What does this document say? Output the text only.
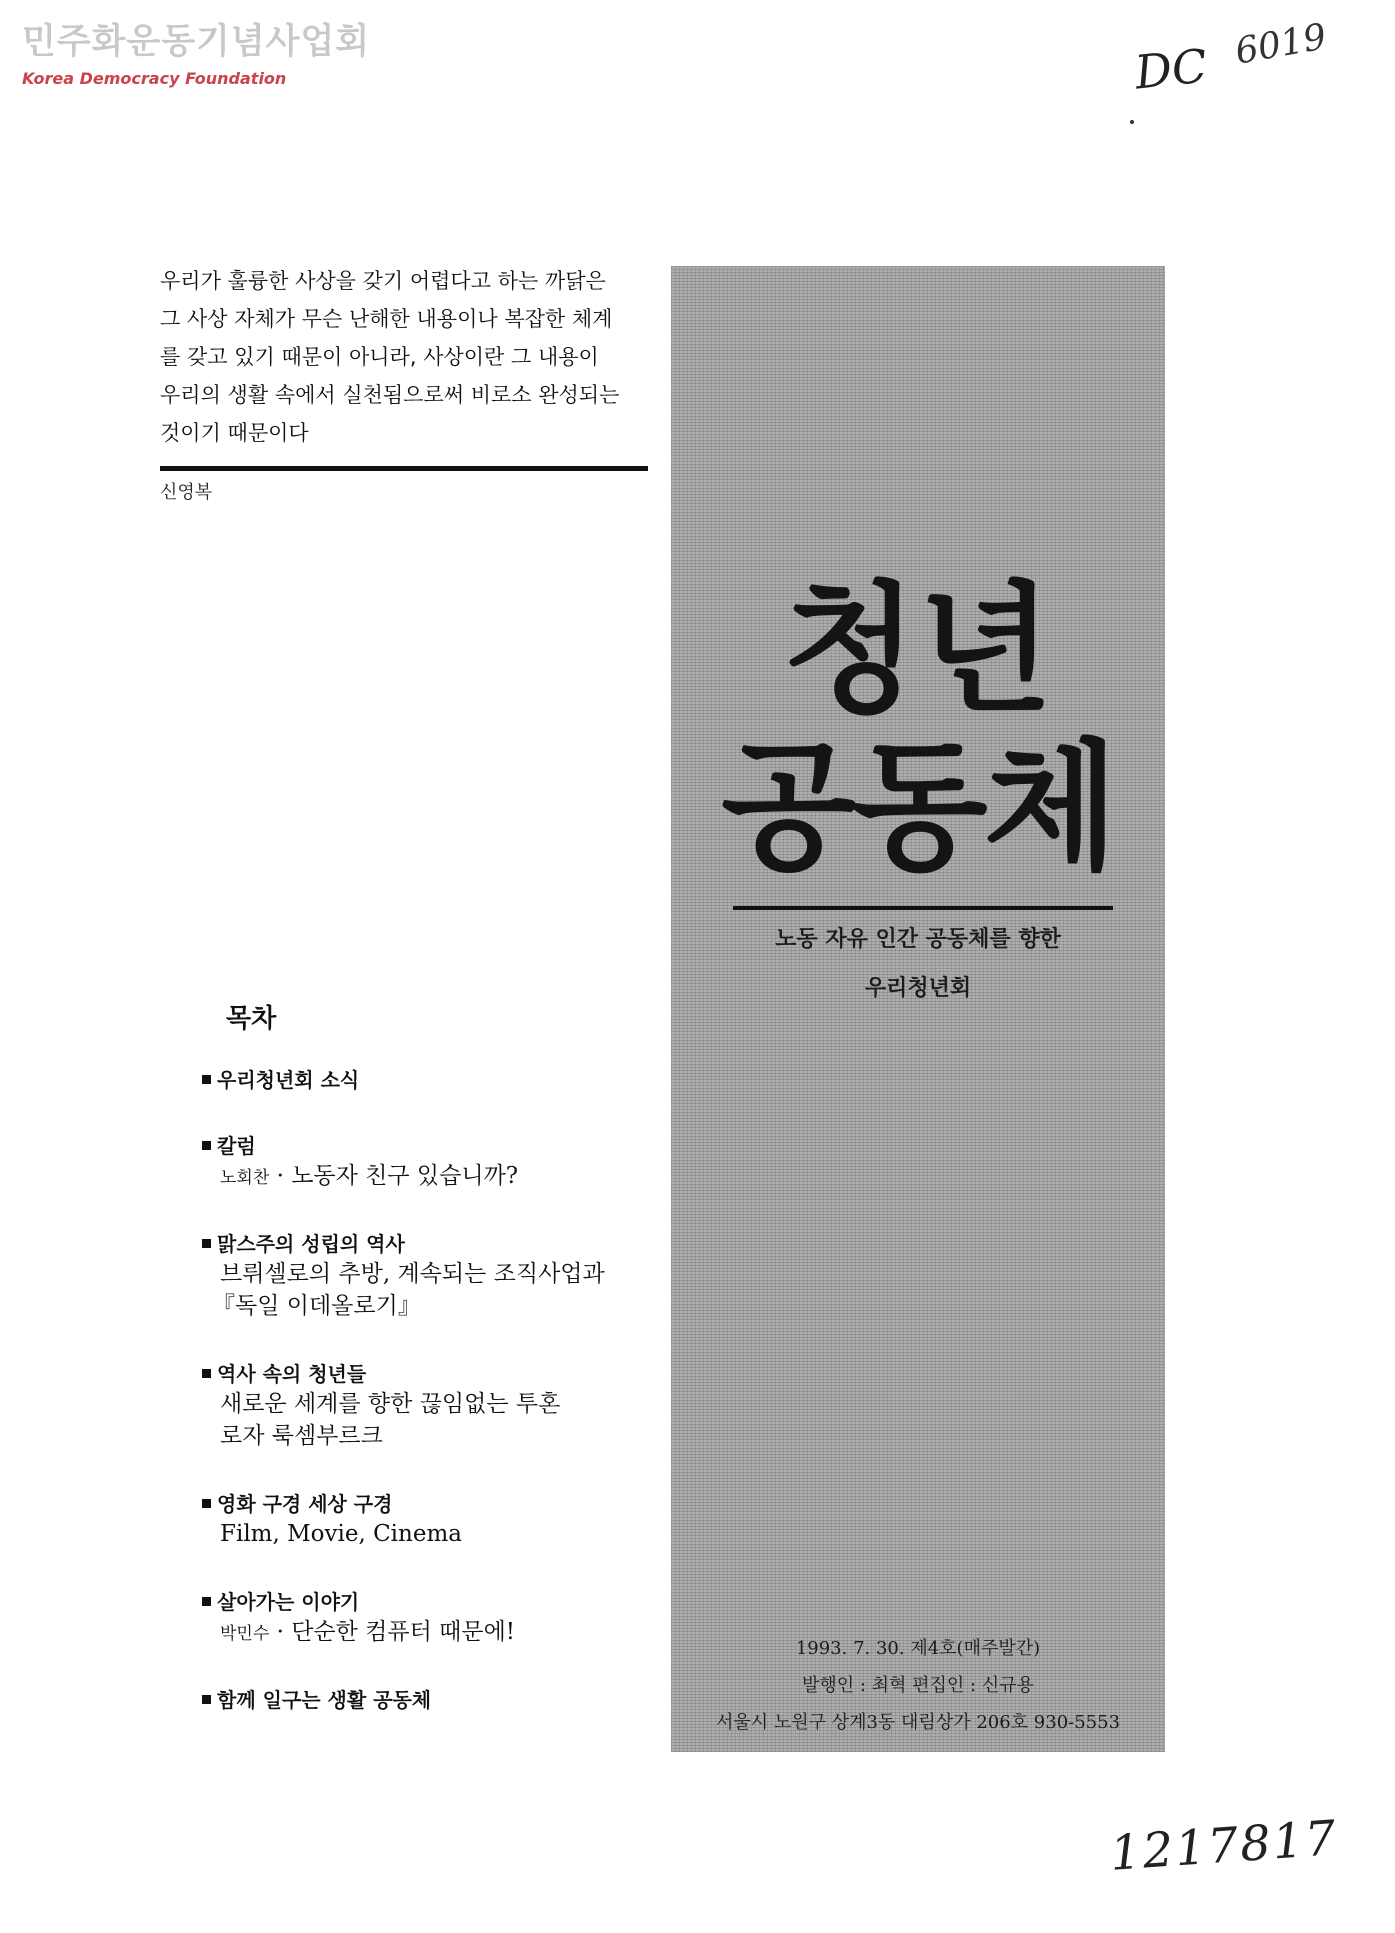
민주화운동기념사업회
Korea Democracy Foundation	DC 6019
우리가 훌륭한 사상을 갖기 어렵다고 하는 까닭은
그 사상 자체가 무슨 난해한 내용이나 복잡한 체계
를 갖고 있기 때문이 아니라, 사상이란 그 내용이
우리의 생활 속에서 실천됨으로써 비로소 완성되는
것이기 때문이다
신영복
청년
공동체
노동 자유 인간 공동체를 향한
우리청년회
1993. 7. 30. 제4호(매주발간)
발행인 : 최혁 편집인 : 신규용
서울시 노원구 상계3동 대림상가 206호 930-5553
목차
우리청년회 소식
칼럼
노회찬 · 노동자 친구 있습니까?
맑스주의 성립의 역사
브뤼셀로의 추방, 계속되는 조직사업과
『독일 이데올로기』
역사 속의 청년들
새로운 세계를 향한 끊임없는 투혼
로자 룩셈부르크
영화 구경 세상 구경
Film, Movie, Cinema
살아가는 이야기
박민수 · 단순한 컴퓨터 때문에!
함께 일구는 생활 공동체
1217817
